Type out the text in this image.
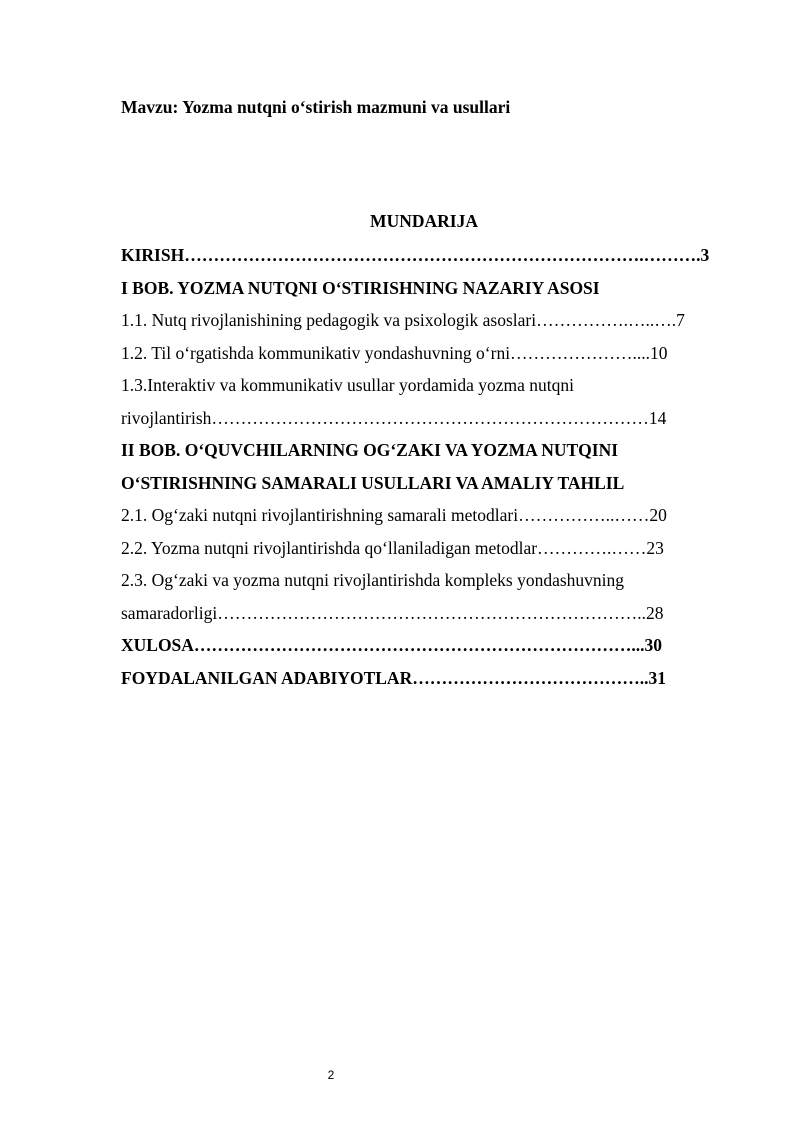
Mavzu: Yozma nutqni o‘stirish mazmuni va usullari
MUNDARIJA
KIRISH…………………………………………………………………….……….3
I BOB. YOZMA NUTQNI O‘STIRISHNING NAZARIY ASOSI
1.1. Nutq rivojlanishining pedagogik va psixologik asoslari…………….…..….7
1.2. Til o‘rgatishda kommunikativ yondashuvning o‘rni…………………....10
1.3.Interaktiv va kommunikativ usullar yordamida yozma nutqni
rivojlantirish…………………………………………………………………14
II BOB. O‘QUVCHILARNING OG‘ZAKI VA YOZMA NUTQINI
O‘STIRISHNING SAMARALI USULLARI VA AMALIY TAHLIL
2.1. Og‘zaki nutqni rivojlantirishning samarali metodlari……………..……20
2.2. Yozma nutqni rivojlantirishda qo‘llaniladigan metodlar………….……23
2.3. Og‘zaki va yozma nutqni rivojlantirishda kompleks yondashuvning
samaradorligi………………………………………………………………..28
XULOSA…………………………………………………………………...30
FOYDALANILGAN ADABIYOTLAR…………………………………..31
2
